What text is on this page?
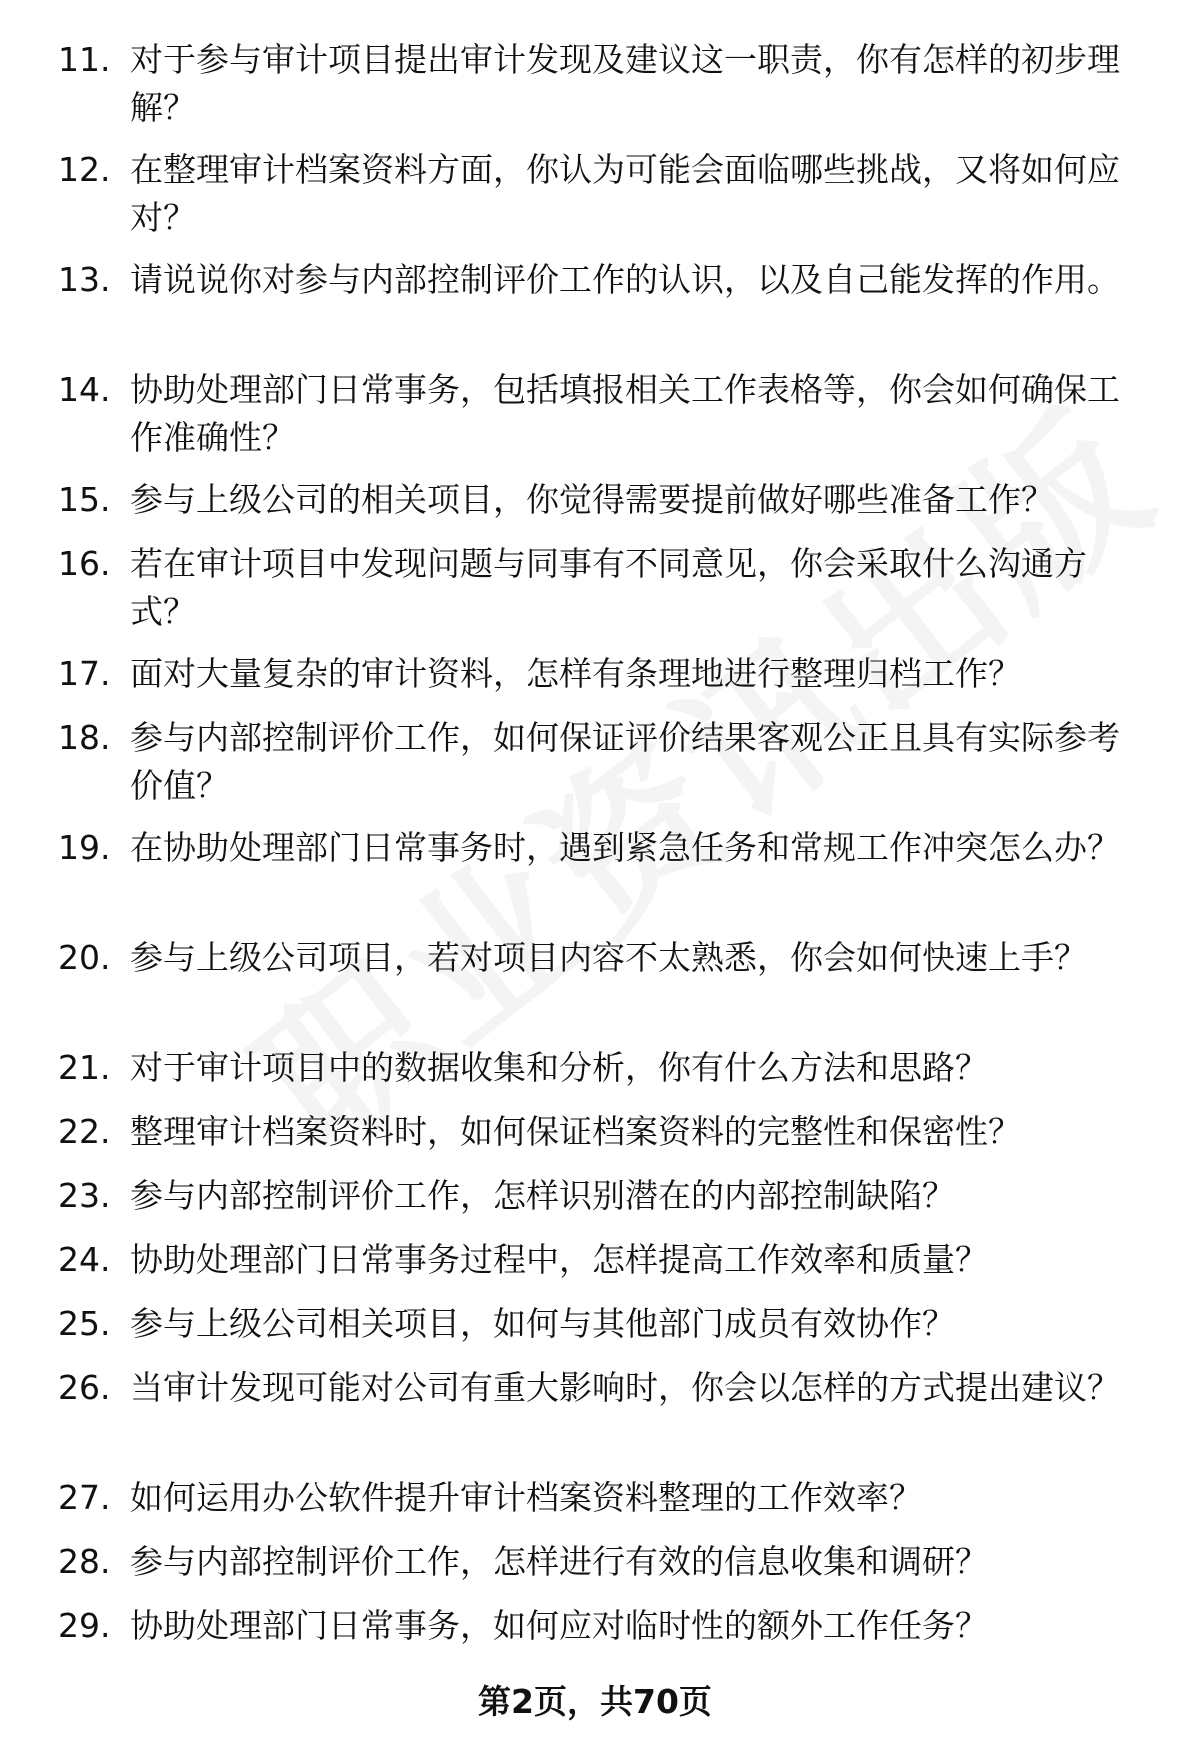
11. 对于参与审计项目提出审计发现及建议这一职责，你有怎样的初步理解？
12. 在整理审计档案资料方面，你认为可能会面临哪些挑战，又将如何应对？
13. 请说说你对参与内部控制评价工作的认识，以及自己能发挥的作用。
14. 协助处理部门日常事务，包括填报相关工作表格等，你会如何确保工作准确性？
15. 参与上级公司的相关项目，你觉得需要提前做好哪些准备工作？
16. 若在审计项目中发现问题与同事有不同意见，你会采取什么沟通方式？
17. 面对大量复杂的审计资料，怎样有条理地进行整理归档工作？
18. 参与内部控制评价工作，如何保证评价结果客观公正且具有实际参考价值？
19. 在协助处理部门日常事务时，遇到紧急任务和常规工作冲突怎么办？
20. 参与上级公司项目，若对项目内容不太熟悉，你会如何快速上手？
21. 对于审计项目中的数据收集和分析，你有什么方法和思路？
22. 整理审计档案资料时，如何保证档案资料的完整性和保密性？
23. 参与内部控制评价工作，怎样识别潜在的内部控制缺陷？
24. 协助处理部门日常事务过程中，怎样提高工作效率和质量？
25. 参与上级公司相关项目，如何与其他部门成员有效协作？
26. 当审计发现可能对公司有重大影响时，你会以怎样的方式提出建议？
27. 如何运用办公软件提升审计档案资料整理的工作效率？
28. 参与内部控制评价工作，怎样进行有效的信息收集和调研？
29. 协助处理部门日常事务，如何应对临时性的额外工作任务？
第2页，共70页
